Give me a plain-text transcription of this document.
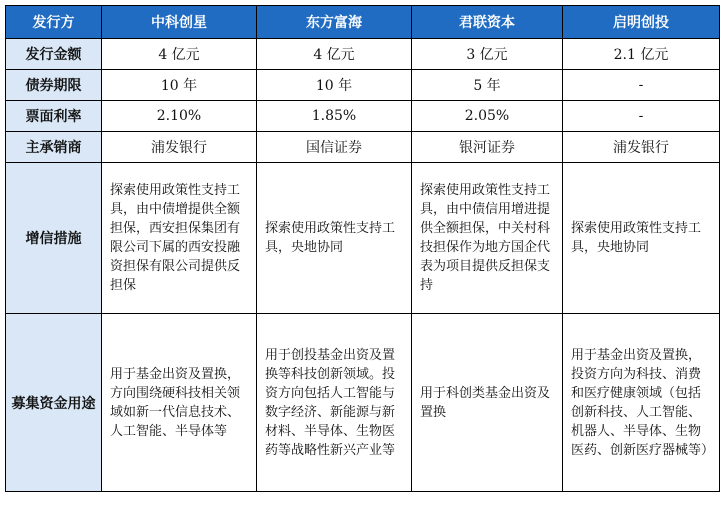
发行方	中科创星	东方富海	君联资本	启明创投
发行金额	4 亿元	4 亿元	3 亿元	2.1 亿元
债券期限	10 年	10 年	5 年	-
票面利率	2.10%	1.85%	2.05%	-
主承销商	浦发银行	国信证券	银河证券	浦发银行
增信措施	探索使用政策性支持工具，由中债增提供全额担保，西安担保集团有限公司下属的西安投融资担保有限公司提供反担保	探索使用政策性支持工具，央地协同	探索使用政策性支持工具，由中债信用增进提供全额担保，中关村科技担保作为地方国企代表为项目提供反担保支持	探索使用政策性支持工具，央地协同
募集资金用途	用于基金出资及置换，方向围绕硬科技相关领域如新一代信息技术、人工智能、半导体等	用于创投基金出资及置换等科技创新领域。投资方向包括人工智能与数字经济、新能源与新材料、半导体、生物医药等战略性新兴产业等	用于科创类基金出资及置换	用于基金出资及置换，投资方向为科技、消费和医疗健康领域（包括创新科技、人工智能、机器人、半导体、生物医药、创新医疗器械等）
